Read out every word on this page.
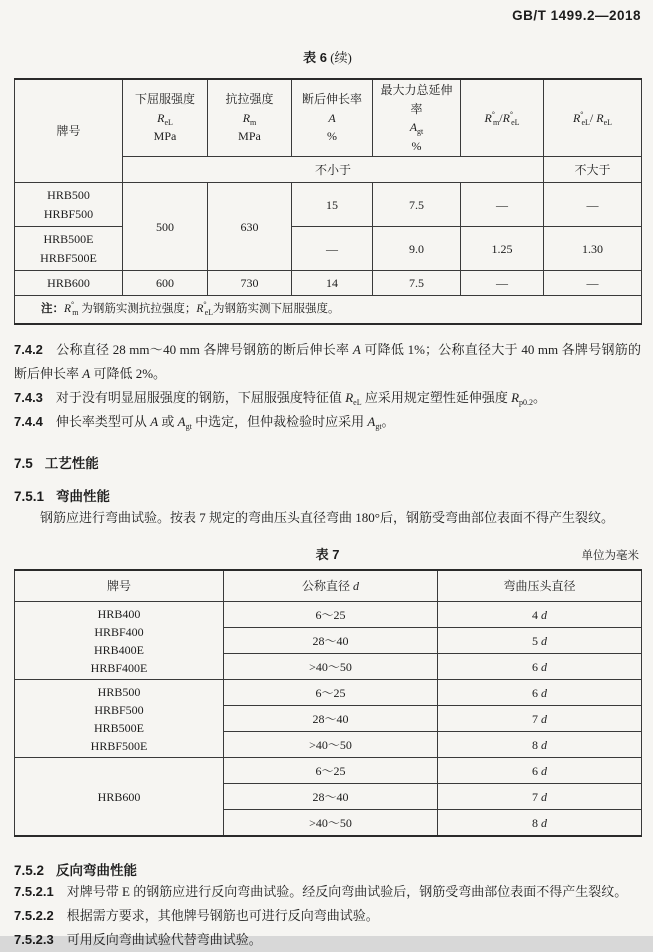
GB/T 1499.2—2018
表 6 (续)
牌号	下屈服强度
$R_{eL}$
MPa	抗拉强度
$R_m$
MPa	断后伸长率
A
%	最大力总延伸率
$A_{gt}$
%	$R^\circ_m/R^\circ_{eL}$	$R^\circ_{eL}/$ $R_{eL}$
	不小于					不大于

HRB500
HRBF500	500	630	15	7.5	—	—

HRB500E
HRBF500E			—	9.0	1.25	1.30
HRB600	600	730	14	7.5	—	—
注：$R^\circ_m$ 为钢筋实测抗拉强度；$R^\circ_{eL}$为钢筋实测下屈服强度。						

7.4.2 公称直径 28 mm～40 mm 各牌号钢筋的断后伸长率 A 可降低 1%；公称直径大于 40 mm 各牌号钢筋的断后伸长率 A 可降低 2%。

7.4.3 对于没有明显屈服强度的钢筋，下屈服强度特征值 $R_{eL}$ 应采用规定塑性延伸强度 $R_{p0.2}$。

7.4.4 伸长率类型可从 A 或 $A_{gt}$ 中选定，但仲裁检验时应采用 $A_{gt}$。

7.5 工艺性能
7.5.1 弯曲性能

钢筋应进行弯曲试验。按表 7 规定的弯曲压头直径弯曲 180°后，钢筋受弯曲部位表面不得产生裂纹。

表 7	单位为毫米
牌号	公称直径 d	弯曲压头直径

HRB400
HRBF400
HRB400E
HRBF400E	6～25	4 d
	28～40	5 d
	>40～50	6 d

HRB500
HRBF500
HRB500E
HRBF500E	6～25	6 d
	28～40	7 d
	>40～50	8 d

HRB600	6～25	6 d
	28～40	7 d
	>40～50	8 d
7.5.2 反向弯曲性能

7.5.2.1 对牌号带 E 的钢筋应进行反向弯曲试验。经反向弯曲试验后，钢筋受弯曲部位表面不得产生裂纹。

7.5.2.2 根据需方要求，其他牌号钢筋也可进行反向弯曲试验。

7.5.2.3 可用反向弯曲试验代替弯曲试验。
